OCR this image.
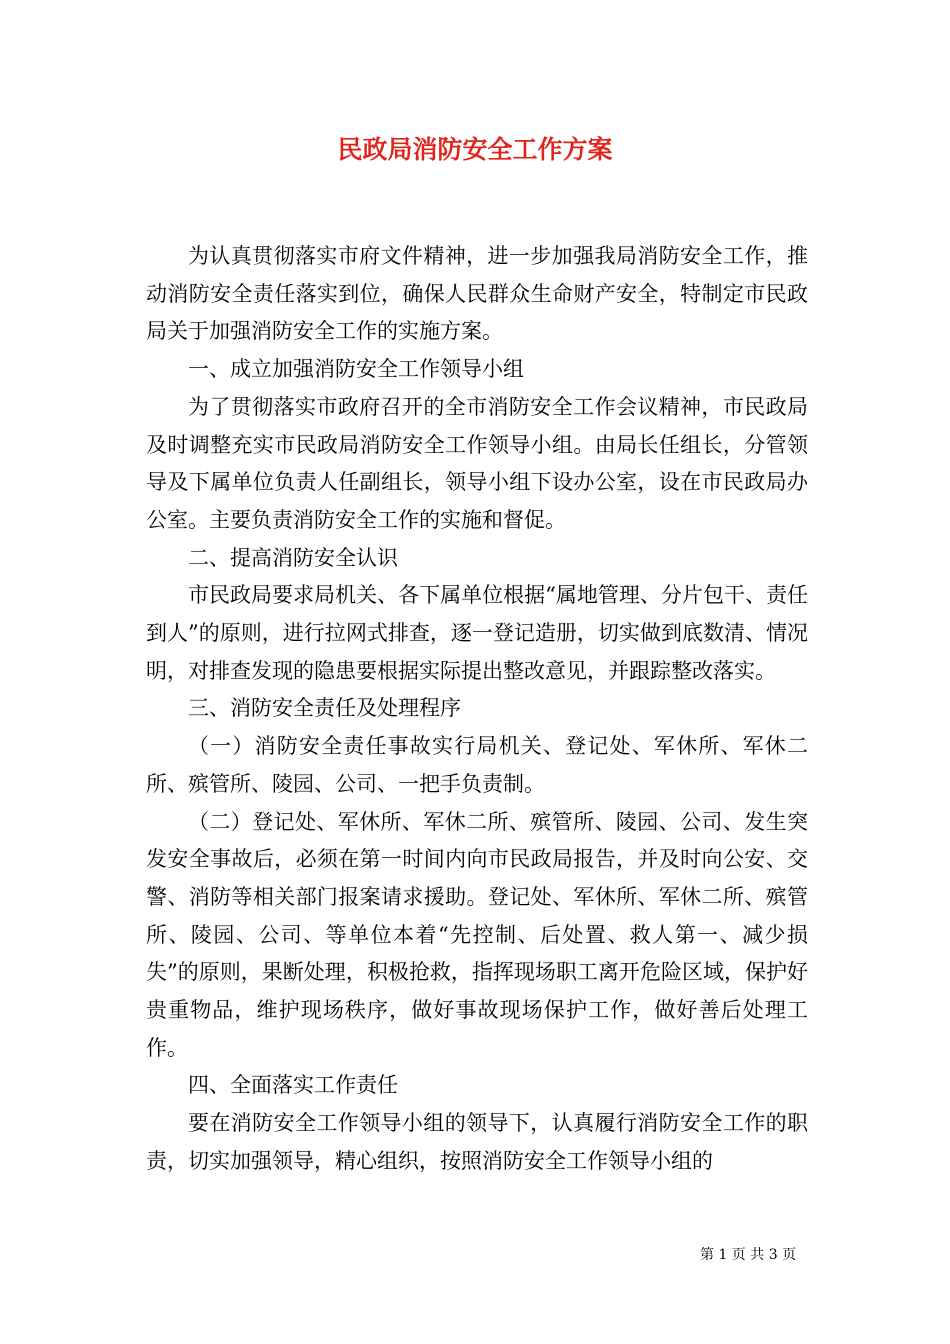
民政局消防安全工作方案

为认真贯彻落实市府文件精神，进一步加强我局消防安全工作，推动消防安全责任落实到位，确保人民群众生命财产安全，特制定市民政局关于加强消防安全工作的实施方案。

一、成立加强消防安全工作领导小组

为了贯彻落实市政府召开的全市消防安全工作会议精神，市民政局及时调整充实市民政局消防安全工作领导小组。由局长任组长，分管领导及下属单位负责人任副组长，领导小组下设办公室，设在市民政局办公室。主要负责消防安全工作的实施和督促。

二、提高消防安全认识

市民政局要求局机关、各下属单位根据“属地管理、分片包干、责任到人”的原则，进行拉网式排查，逐一登记造册，切实做到底数清、情况明，对排查发现的隐患要根据实际提出整改意见，并跟踪整改落实。

三、消防安全责任及处理程序

（一）消防安全责任事故实行局机关、登记处、军休所、军休二所、殡管所、陵园、公司、一把手负责制。

（二）登记处、军休所、军休二所、殡管所、陵园、公司、发生突发安全事故后，必须在第一时间内向市民政局报告，并及时向公安、交警、消防等相关部门报案请求援助。登记处、军休所、军休二所、殡管所、陵园、公司、等单位本着“先控制、后处置、救人第一、减少损失”的原则，果断处理，积极抢救，指挥现场职工离开危险区域，保护好贵重物品，维护现场秩序，做好事故现场保护工作，做好善后处理工作。

四、全面落实工作责任

要在消防安全工作领导小组的领导下，认真履行消防安全工作的职责，切实加强领导，精心组织，按照消防安全工作领导小组的

第 1 页 共 3 页
